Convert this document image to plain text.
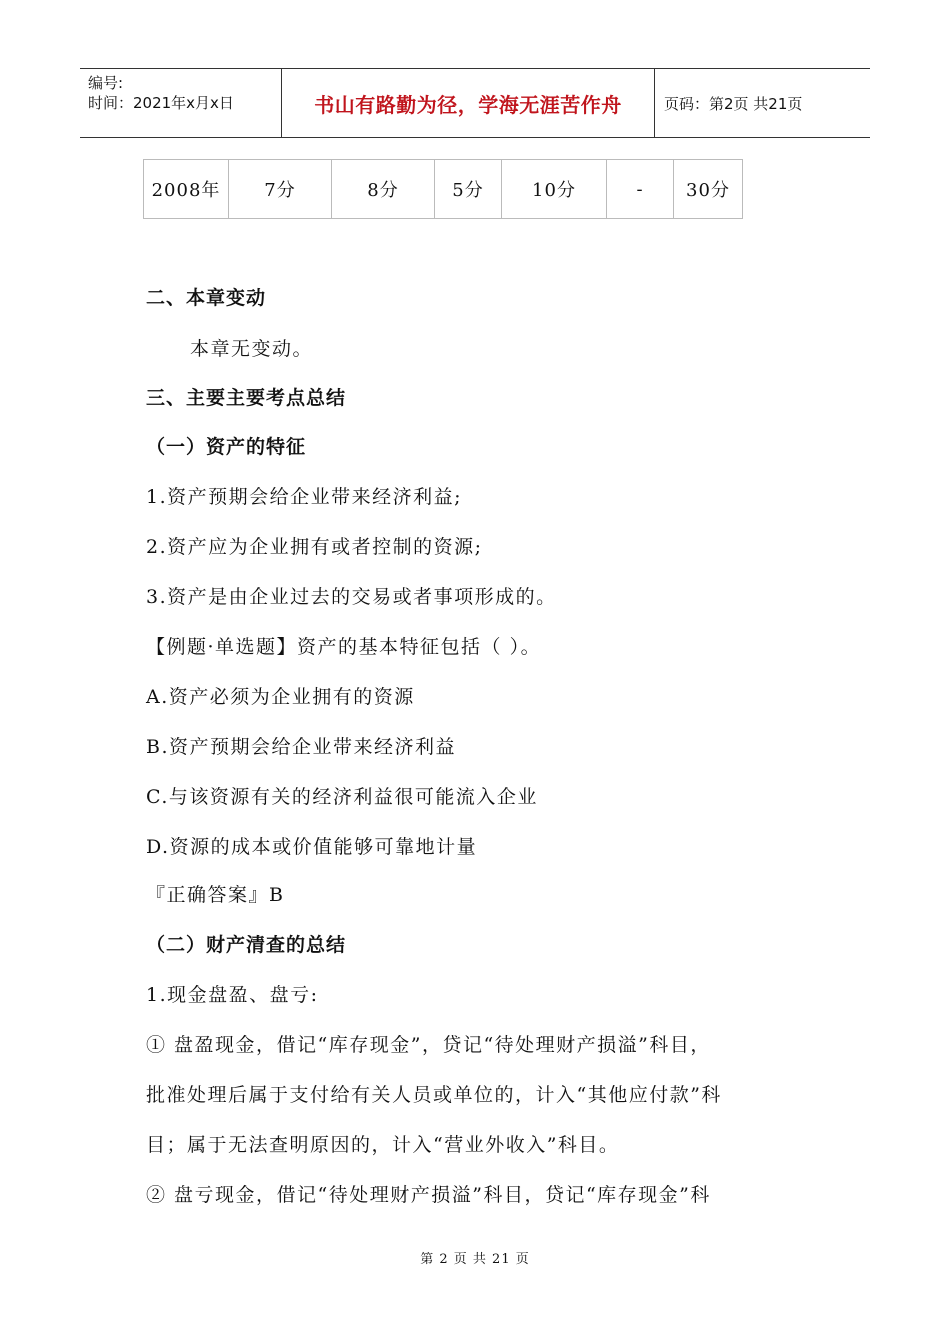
编号:
时间：2021年x月x日	书山有路勤为径，学海无涯苦作舟	页码：第2页 共21页
2008年	7分	8分	5分	10分	-	30分
二、本章变动
本章无变动。
三、主要主要考点总结
（一）资产的特征
1.资产预期会给企业带来经济利益;
2.资产应为企业拥有或者控制的资源;
3.资产是由企业过去的交易或者事项形成的。
【例题·单选题】资产的基本特征包括（ ）。
A.资产必须为企业拥有的资源
B.资产预期会给企业带来经济利益
C.与该资源有关的经济利益很可能流入企业
D.资源的成本或价值能够可靠地计量
『正确答案』B
（二）财产清查的总结
1.现金盘盈、盘亏:
① 盘盈现金，借记“库存现金”，贷记“待处理财产损溢”科目，
批准处理后属于支付给有关人员或单位的，计入“其他应付款”科
目；属于无法查明原因的，计入“营业外收入”科目。
② 盘亏现金，借记“待处理财产损溢”科目，贷记“库存现金”科
第 2 页 共 21 页
